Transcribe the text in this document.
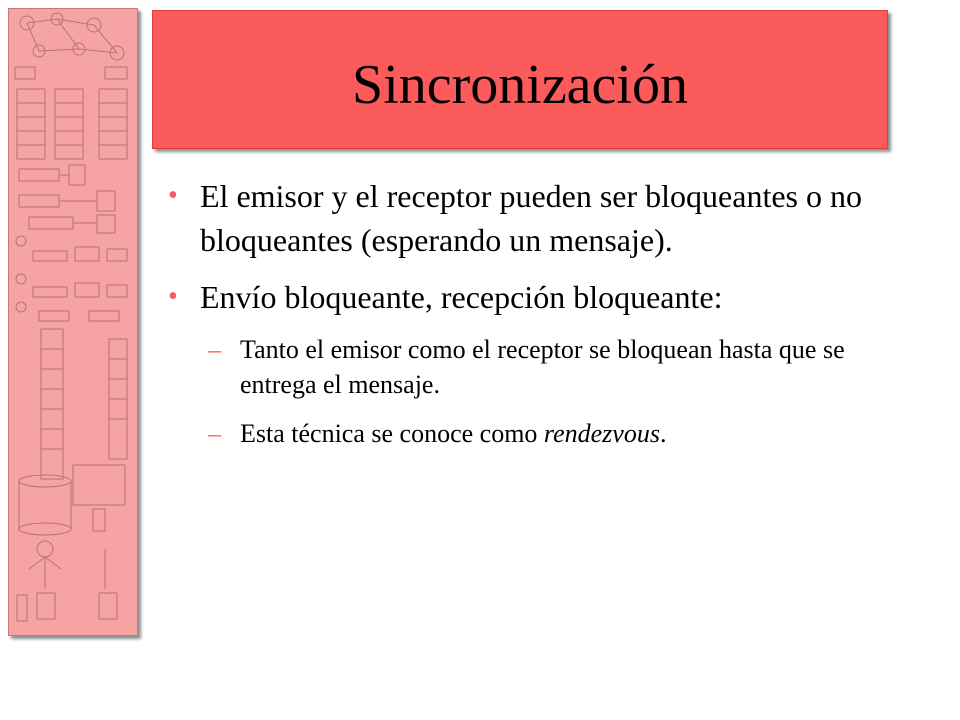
Sincronización

• El emisor y el receptor pueden ser bloqueantes o no bloqueantes (esperando un mensaje).

• Envío bloqueante, recepción bloqueante:

– Tanto el emisor como el receptor se bloquean hasta que se entrega el mensaje.

– Esta técnica se conoce como rendezvous.
